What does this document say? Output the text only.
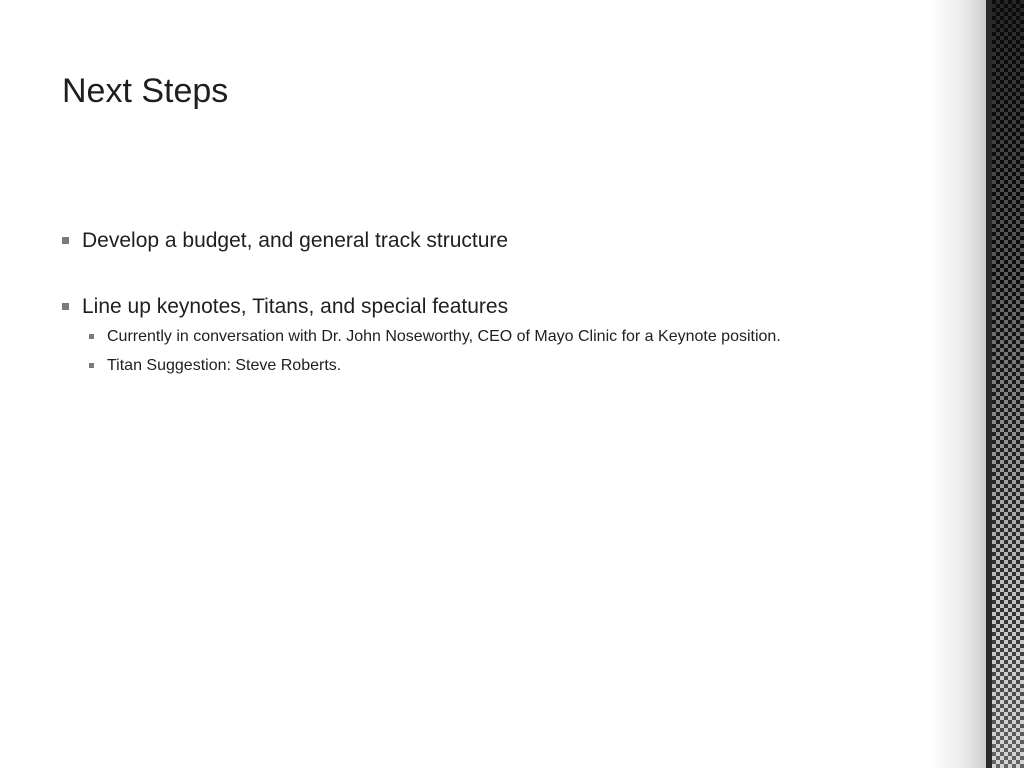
Next Steps
Develop a budget, and general track structure
Line up keynotes, Titans, and special features
Currently in conversation with Dr. John Noseworthy, CEO of Mayo Clinic for a Keynote position.
Titan Suggestion: Steve Roberts.
